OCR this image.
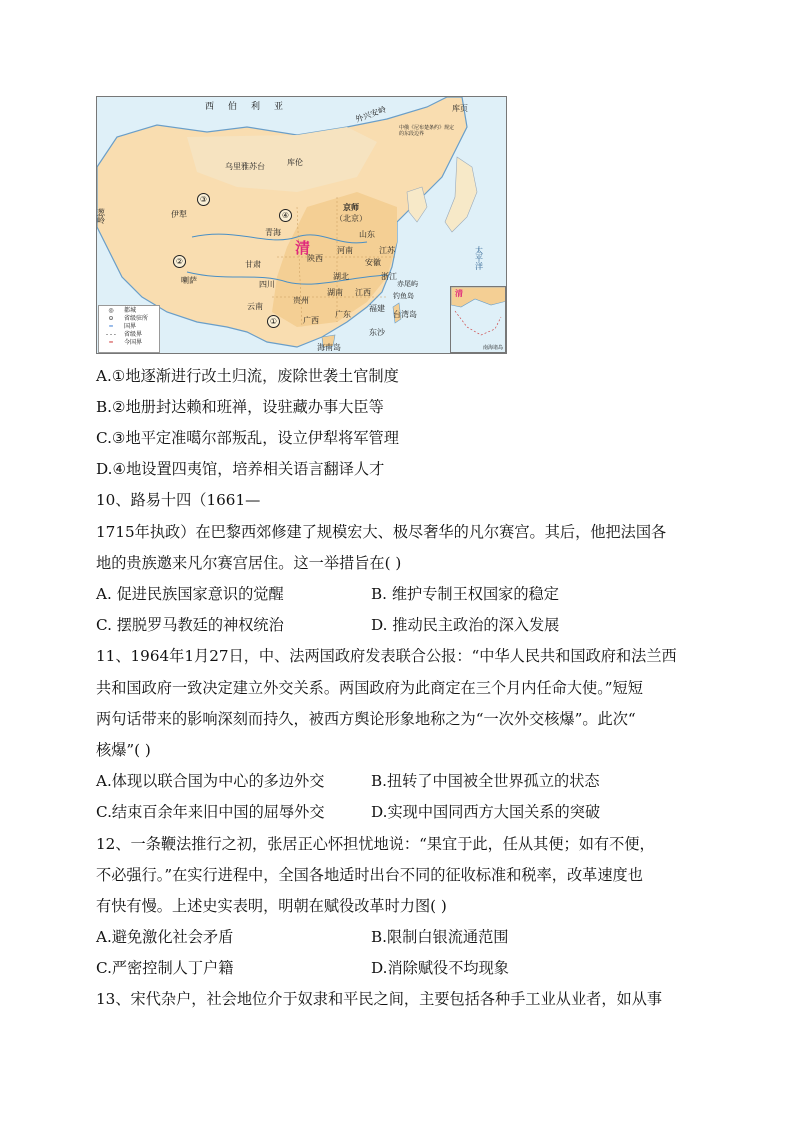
西伯利亚	外兴安岭	库页
中俄《尼布楚条约》规定的东段边界
乌里雅苏台	库伦
伊犁
葱岭
京师
（北京）
清
喇萨
青海
甘肃
四川
云南
贵州
陕西
河南
山东
湖北
湖南
安徽
江苏
浙江
江西
福建
广东
广西
赤尾屿
钓鱼岛
台湾岛
东沙
海南岛
太平洋
①
②
③
④
◎	都城
⊙	省级驻所
━	国界
- - -	省级界
━	今国界
清
南海诸岛
A.①地逐渐进行改土归流，废除世袭土官制度
B.②地册封达赖和班禅，设驻藏办事大臣等
C.③地平定准噶尔部叛乱，设立伊犁将军管理
D.④地设置四夷馆，培养相关语言翻译人才
10、路易十四（1661—
1715年执政）在巴黎西郊修建了规模宏大、极尽奢华的凡尔赛宫。其后，他把法国各
地的贵族邀来凡尔赛宫居住。这一举措旨在( )
A. 促进民族国家意识的觉醒	B. 维护专制王权国家的稳定
C. 摆脱罗马教廷的神权统治	D. 推动民主政治的深入发展
11、1964年1月27日，中、法两国政府发表联合公报：“中华人民共和国政府和法兰西
共和国政府一致决定建立外交关系。两国政府为此商定在三个月内任命大使。”短短
两句话带来的影响深刻而持久，被西方舆论形象地称之为“一次外交核爆”。此次“
核爆”( )
A.体现以联合国为中心的多边外交	B.扭转了中国被全世界孤立的状态
C.结束百余年来旧中国的屈辱外交	D.实现中国同西方大国关系的突破
12、一条鞭法推行之初，张居正心怀担忧地说：“果宜于此，任从其便；如有不便，
不必强行。”在实行进程中，全国各地适时出台不同的征收标准和税率，改革速度也
有快有慢。上述史实表明，明朝在赋役改革时力图( )
A.避免激化社会矛盾	B.限制白银流通范围
C.严密控制人丁户籍	D.消除赋役不均现象
13、宋代杂户，社会地位介于奴隶和平民之间，主要包括各种手工业从业者，如从事
